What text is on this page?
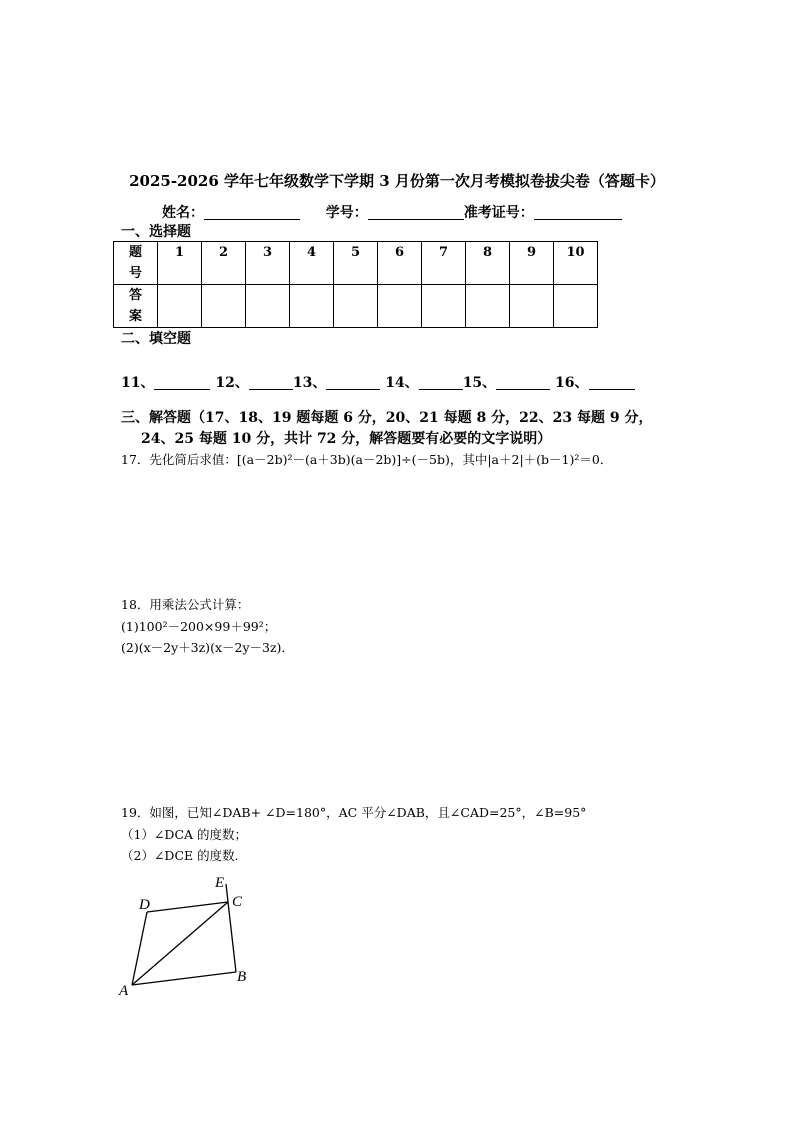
2025-2026 学年七年级数学下学期 3 月份第一次月考模拟卷拔尖卷（答题卡）
姓名：	学号：	准考证号：
一、选择题
题
号	1	2	3	4	5	6	7	8	9	10
答
案										
二、填空题
11、	12、	13、	14、	15、	16、
三、解答题（17、18、19 题每题 6 分，20、21 每题 8 分，22、23 每题 9 分，
24、25 每题 10 分，共计 72 分，解答题要有必要的文字说明）
17．先化简后求值：[(a－2b)²－(a＋3b)(a－2b)]÷(－5b)，其中|a＋2|＋(b－1)²＝0．
18．用乘法公式计算：
(1)100²－200×99＋99²；
(2)(x－2y＋3z)(x－2y－3z)．
19．如图，已知∠DAB+ ∠D=180°，AC 平分∠DAB，且∠CAD=25°，∠B=95°
（1）∠DCA 的度数；
（2）∠DCE 的度数．
A
B
C
D
E
